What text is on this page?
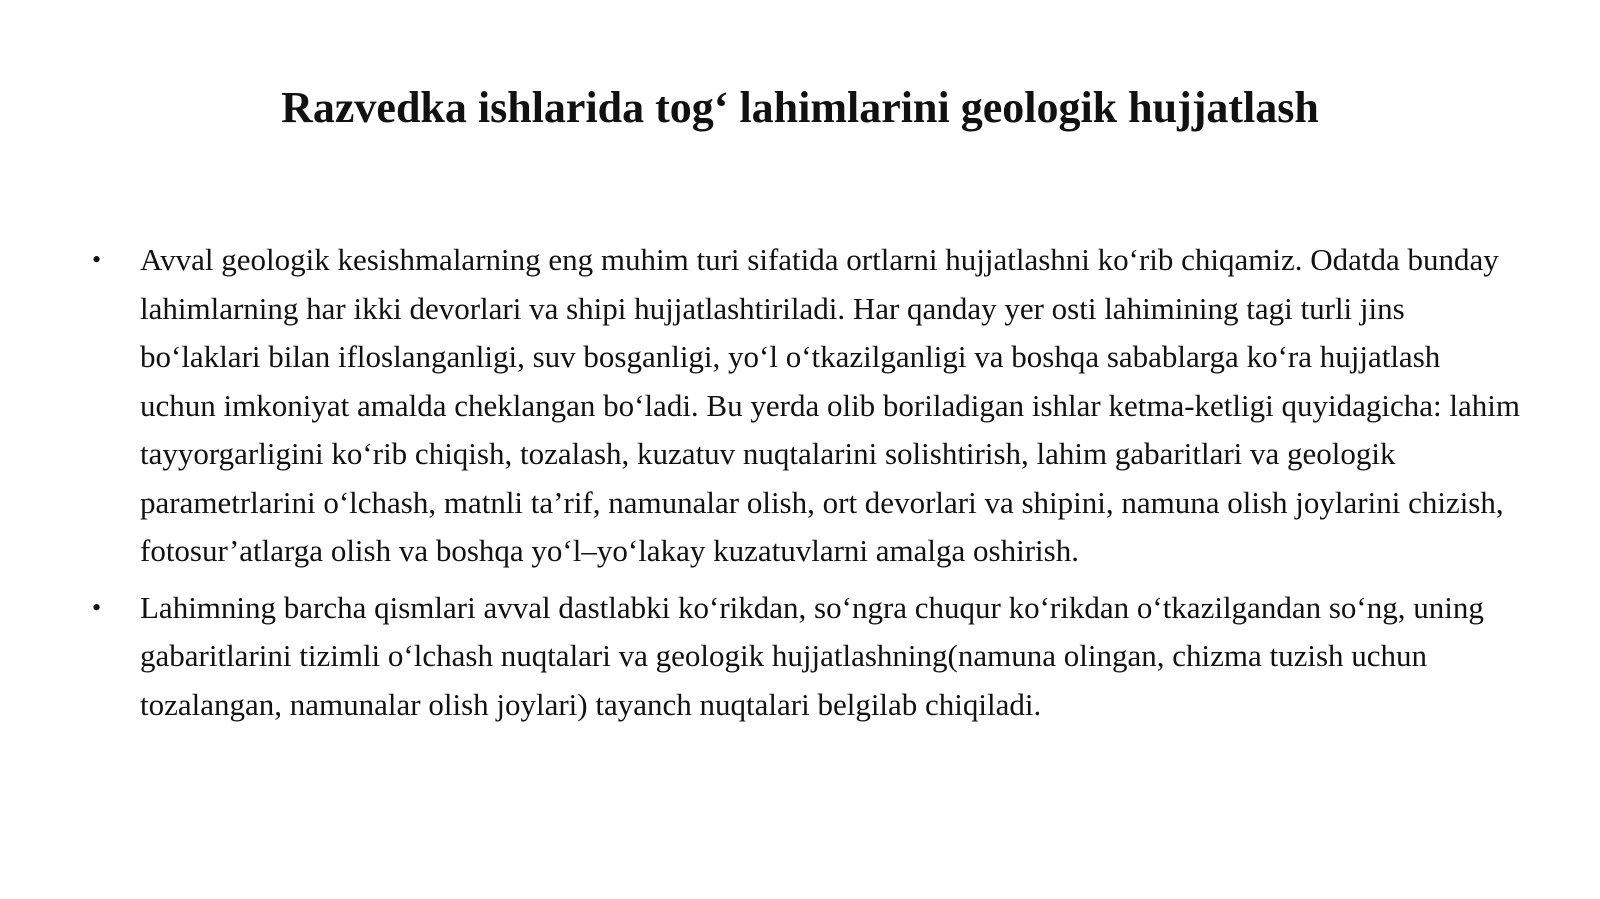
Razvedka ishlarida tog‘ lahimlarini geologik hujjatlash
•	Avval geologik kesishmalarning eng muhim turi sifatida ortlarni hujjatlashni ko‘rib chiqamiz. Odatda bunday lahimlarning har ikki devorlari va shipi hujjatlashtiriladi. Har qanday yer osti lahimining tagi turli jins bo‘laklari bilan ifloslanganligi, suv bosganligi, yo‘l o‘tkazilganligi va boshqa sabablarga ko‘ra hujjatlash uchun imkoniyat amalda cheklangan bo‘ladi. Bu yerda olib boriladigan ishlar ketma-ketligi quyidagicha: lahim tayyorgarligini ko‘rib chiqish, tozalash, kuzatuv nuqtalarini solishtirish, lahim gabaritlari va geologik parametrlarini o‘lchash, matnli ta’rif, namunalar olish, ort devorlari va shipini, namuna olish joylarini chizish, fotosur’atlarga olish va boshqa yo‘l–yo‘lakay kuzatuvlarni amalga oshirish.
•	Lahimning barcha qismlari avval dastlabki ko‘rikdan, so‘ngra chuqur ko‘rikdan o‘tkazilgandan so‘ng, uning gabaritlarini tizimli o‘lchash nuqtalari va geologik hujjatlashning(namuna olingan, chizma tuzish uchun tozalangan, namunalar olish joylari) tayanch nuqtalari belgilab chiqiladi.
